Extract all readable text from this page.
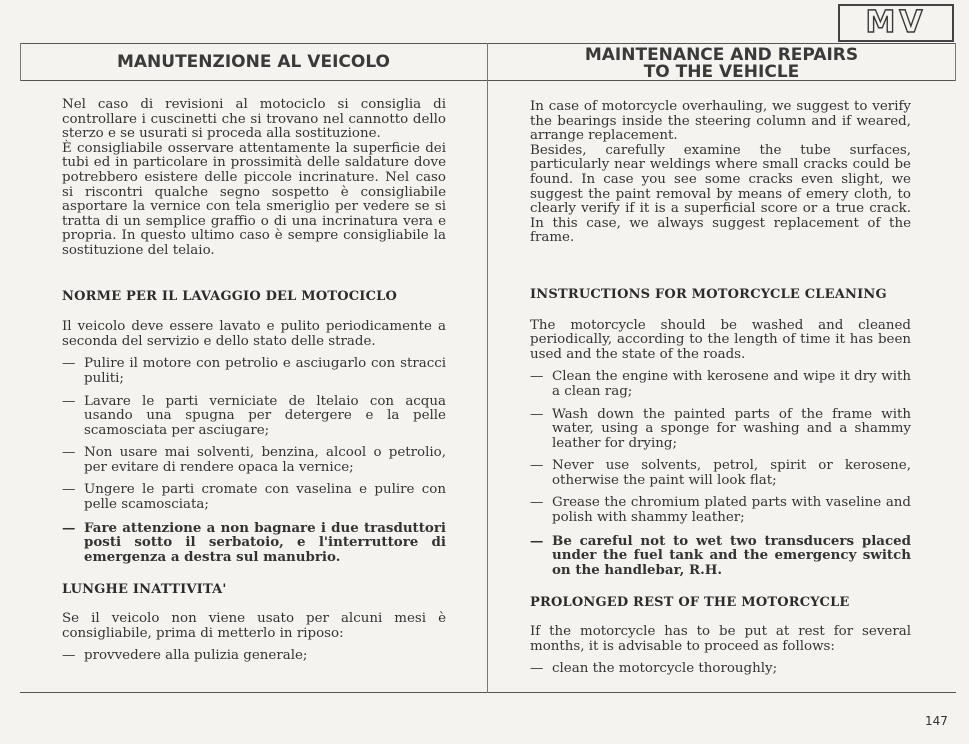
MV
MANUTENZIONE AL VEICOLO	MAINTENANCE AND REPAIRS
TO THE VEHICLE

Nel caso di revisioni al motociclo si consiglia di controllare i cuscinetti che si trovano nel cannotto dello sterzo e se usurati si proceda alla sostituzione.

È consigliabile osservare attentamente la superficie dei tubi ed in particolare in prossimità delle saldature dove potrebbero esistere delle piccole incrinature. Nel caso si riscontri qualche segno sospetto è consigliabile asportare la vernice con tela smeriglio per vedere se si tratta di un semplice graffio o di una incrinatura vera e propria. In questo ultimo caso è sempre consigliabile la sostituzione del telaio.

NORME PER IL LAVAGGIO DEL MOTOCICLO

Il veicolo deve essere lavato e pulito periodicamente a seconda del servizio e dello stato delle strade.

— Pulire il motore con petrolio e asciugarlo con stracci puliti;
— Lavare le parti verniciate de ltelaio con acqua usando una spugna per detergere e la pelle scamosciata per asciugare;
— Non usare mai solventi, benzina, alcool o petrolio, per evitare di rendere opaca la vernice;
— Ungere le parti cromate con vaselina e pulire con pelle scamosciata;
— Fare attenzione a non bagnare i due trasduttori posti sotto il serbatoio, e l'interruttore di emergenza a destra sul manubrio.

LUNGHE INATTIVITA'

Se il veicolo non viene usato per alcuni mesi è consigliabile, prima di metterlo in riposo:

— provvedere alla pulizia generale;

In case of motorcycle overhauling, we suggest to verify the bearings inside the steering column and if weared, arrange replacement.

Besides, carefully examine the tube surfaces, particularly near weldings where small cracks could be found. In case you see some cracks even slight, we suggest the paint removal by means of emery cloth, to clearly verify if it is a superficial score or a true crack. In this case, we always suggest replacement of the frame.

INSTRUCTIONS FOR MOTORCYCLE CLEANING

The motorcycle should be washed and cleaned periodically, according to the length of time it has been used and the state of the roads.

— Clean the engine with kerosene and wipe it dry with a clean rag;
— Wash down the painted parts of the frame with water, using a sponge for washing and a shammy leather for drying;
— Never use solvents, petrol, spirit or kerosene, otherwise the paint will look flat;
— Grease the chromium plated parts with vaseline and polish with shammy leather;
— Be careful not to wet two transducers placed under the fuel tank and the emergency switch on the handlebar, R.H.

PROLONGED REST OF THE MOTORCYCLE

If the motorcycle has to be put at rest for several months, it is advisable to proceed as follows:

— clean the motorcycle thoroughly;
147
